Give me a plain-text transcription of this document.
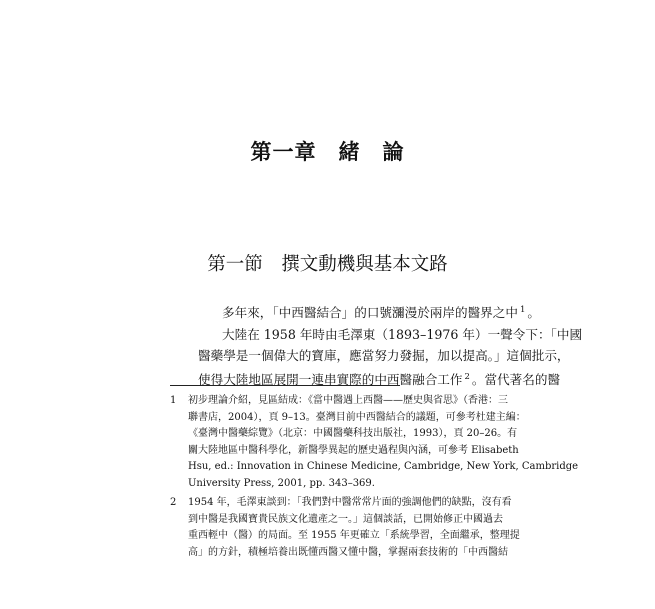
第一章　緒　論
第一節　撰文動機與基本文路

多年來，「中西醫結合」的口號瀰漫於兩岸的醫界之中 $^1$ 。

大陸在 1958 年時由毛澤東（1893–1976 年）一聲令下：「中國

醫藥學是一個偉大的寶庫，應當努力發掘，加以提高。」這個批示，

使得大陸地區展開一連串實際的中西醫融合工作 $^2$ 。當代著名的醫

1 初步理論介紹，見區結成：《當中醫遇上西醫——歷史與省思》（香港：三
聯書店，2004），頁 9–13。臺灣目前中西醫結合的議題，可參考杜建主編：
《臺灣中醫藥綜覽》（北京：中國醫藥科技出版社，1993），頁 20–26。有
關大陸地區中醫科學化，新醫學異起的歷史過程與內涵，可參考 Elisabeth
Hsu, ed.: Innovation in Chinese Medicine, Cambridge, New York, Cambridge
University Press, 2001, pp. 343–369.
2 1954 年，毛澤東談到：「我們對中醫常常片面的強調他們的缺點，沒有看
到中醫是我國寶貴民族文化遺產之一。」這個談話，已開始修正中國過去
重西輕中（醫）的局面。至 1955 年更確立「系統學習，全面繼承，整理提
高」的方針，積極培養出既懂西醫又懂中醫，掌握兩套技術的「中西醫結
